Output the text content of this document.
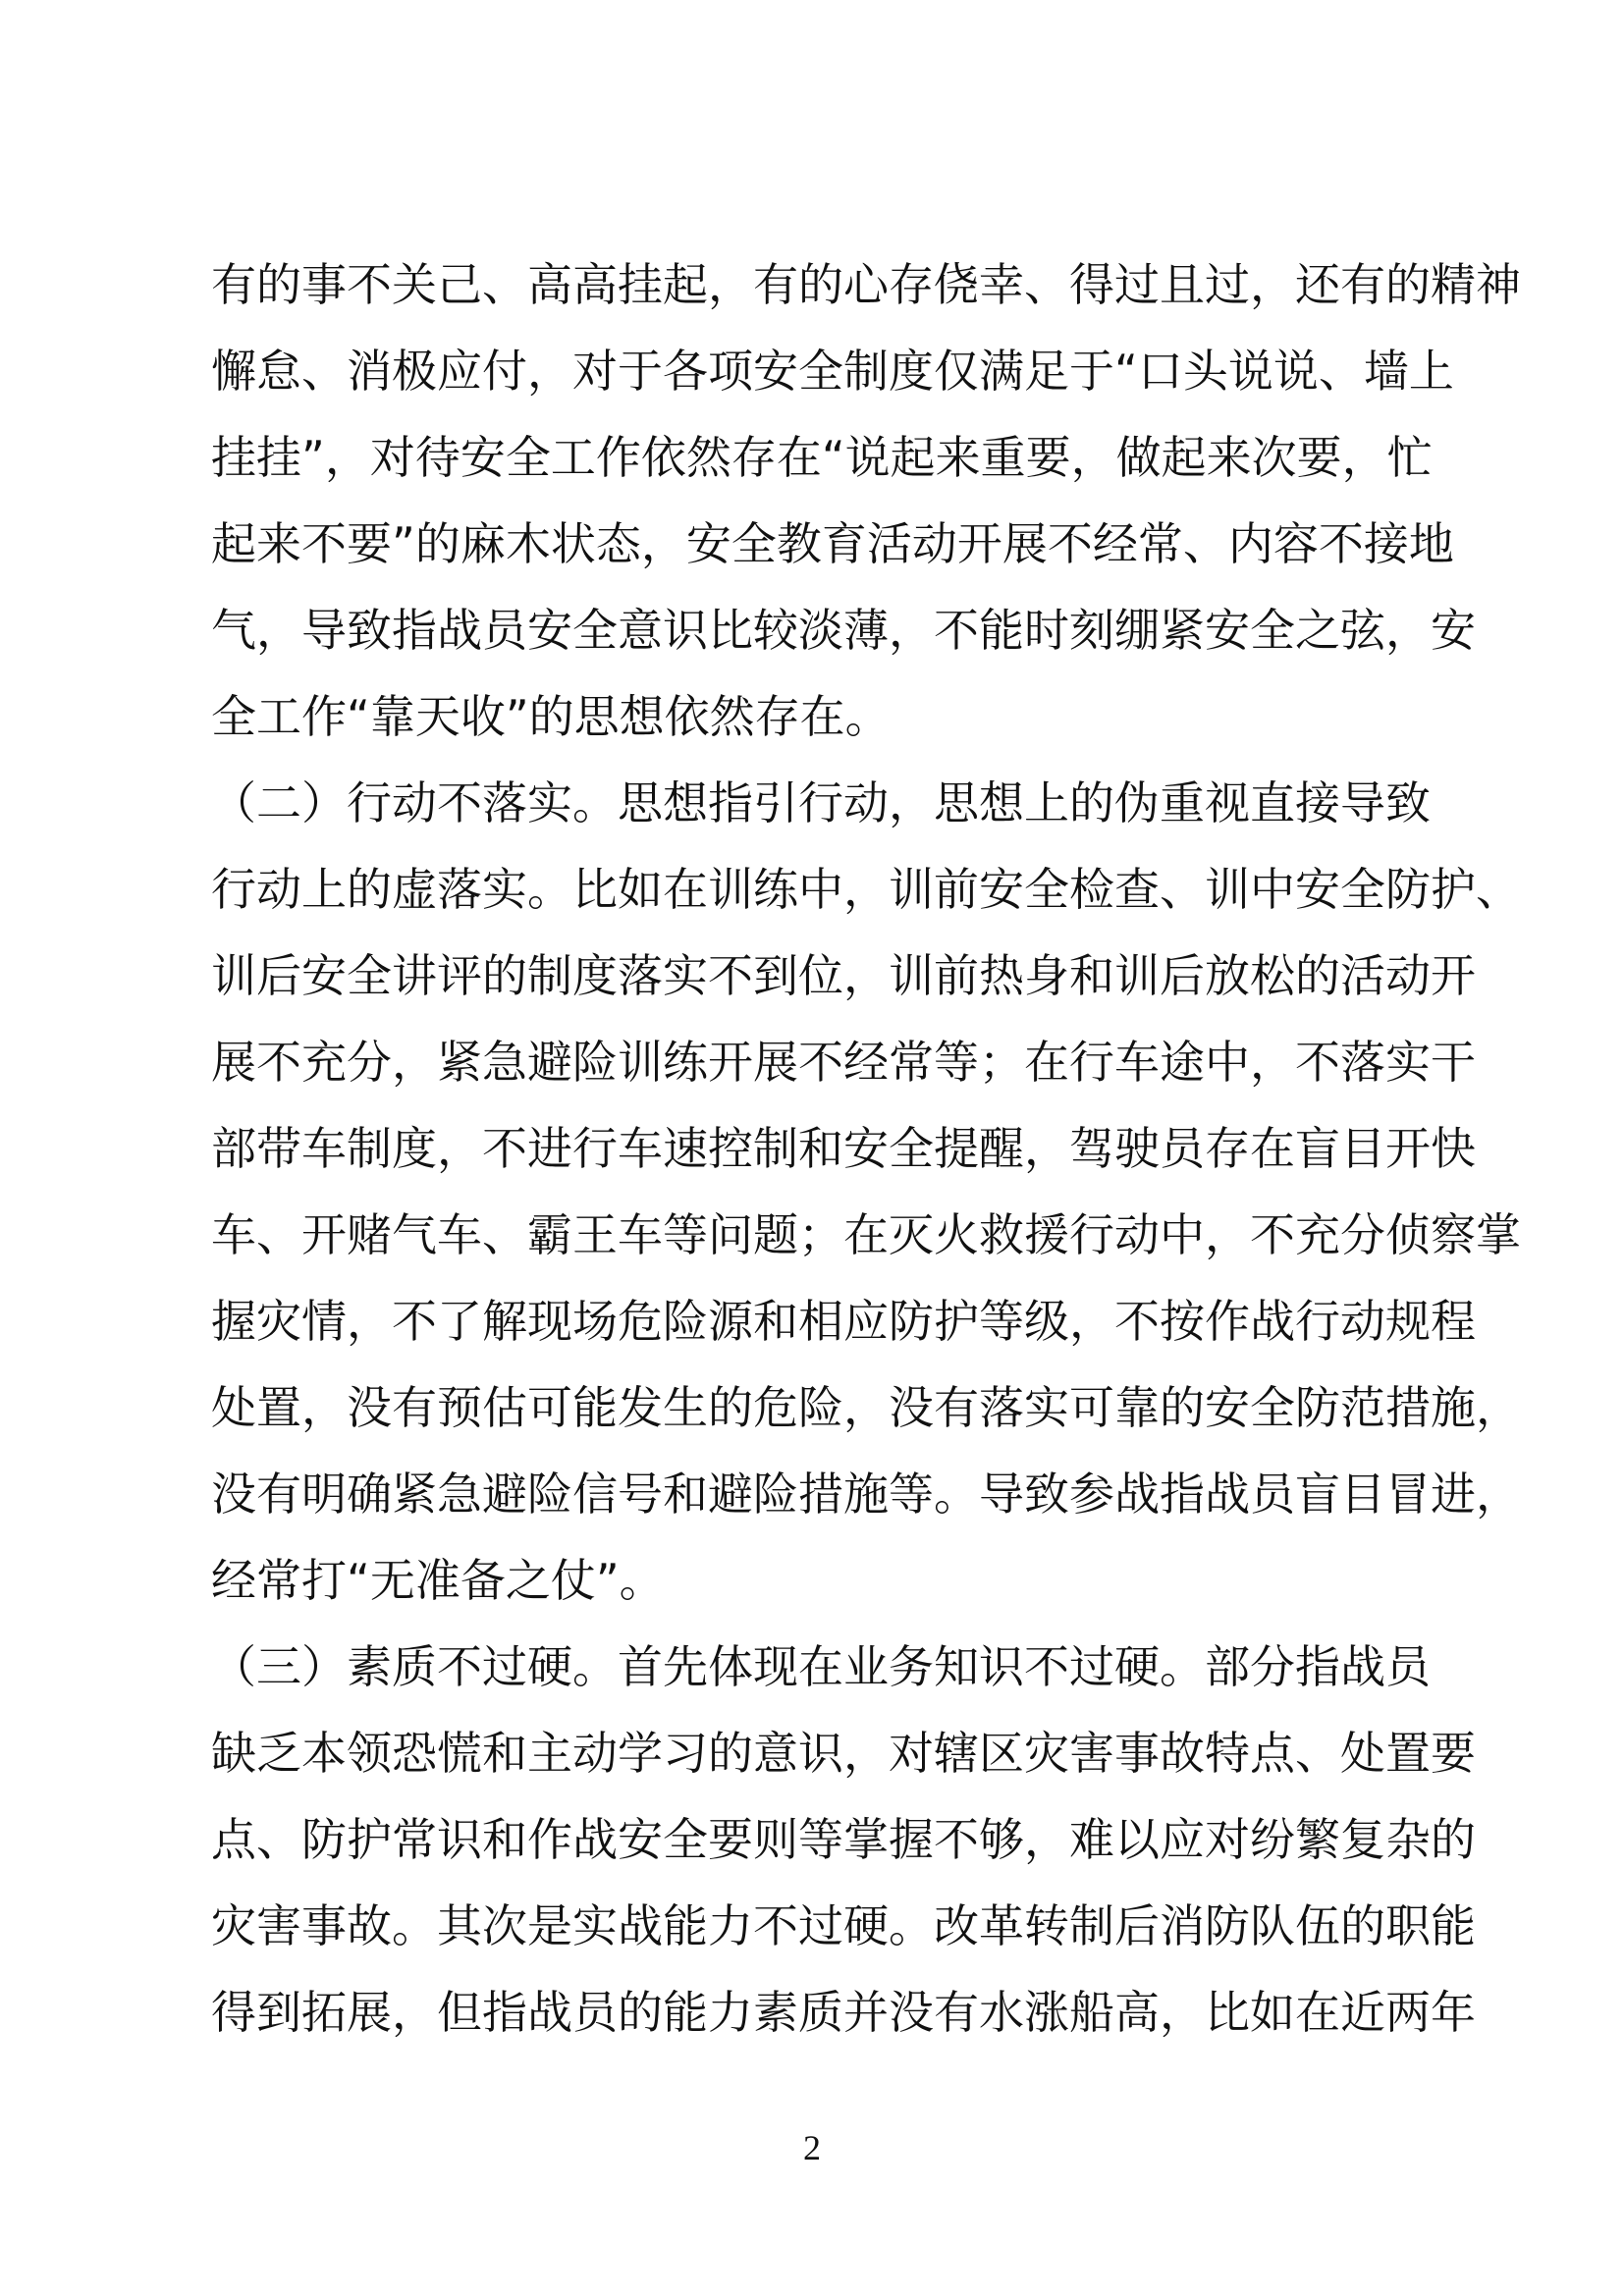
有的事不关己、高高挂起，有的心存侥幸、得过且过，还有的精神
懈怠、消极应付，对于各项安全制度仅满足于“口头说说、墙上
挂挂”，对待安全工作依然存在“说起来重要，做起来次要，忙
起来不要”的麻木状态，安全教育活动开展不经常、内容不接地
气，导致指战员安全意识比较淡薄，不能时刻绷紧安全之弦，安
全工作“靠天收”的思想依然存在。
（二）行动不落实。思想指引行动，思想上的伪重视直接导致
行动上的虚落实。比如在训练中，训前安全检查、训中安全防护、
训后安全讲评的制度落实不到位，训前热身和训后放松的活动开
展不充分，紧急避险训练开展不经常等；在行车途中，不落实干
部带车制度，不进行车速控制和安全提醒，驾驶员存在盲目开快
车、开赌气车、霸王车等问题；在灭火救援行动中，不充分侦察掌
握灾情，不了解现场危险源和相应防护等级，不按作战行动规程
处置，没有预估可能发生的危险，没有落实可靠的安全防范措施，
没有明确紧急避险信号和避险措施等。导致参战指战员盲目冒进，
经常打“无准备之仗”。
（三）素质不过硬。首先体现在业务知识不过硬。部分指战员
缺乏本领恐慌和主动学习的意识，对辖区灾害事故特点、处置要
点、防护常识和作战安全要则等掌握不够，难以应对纷繁复杂的
灾害事故。其次是实战能力不过硬。改革转制后消防队伍的职能
得到拓展，但指战员的能力素质并没有水涨船高，比如在近两年
2
